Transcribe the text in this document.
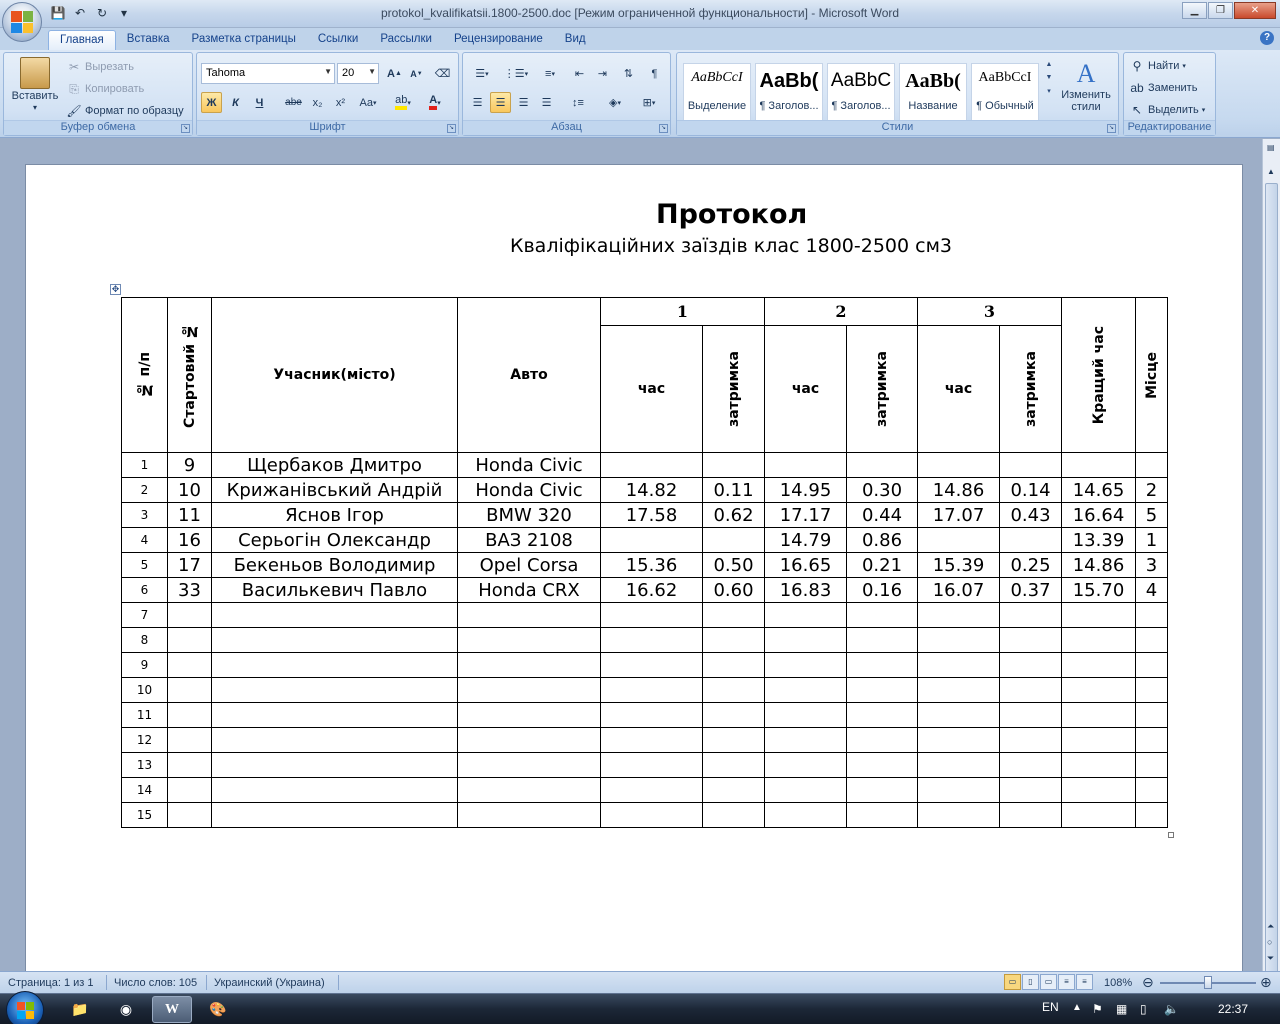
💾 ↶ ↻	▾	protokol_kvalifikatsii.1800-2500.doc [Режим ограниченной функциональности] - Microsoft Word	▁	❐	✕
Главная	Вставка	Разметка страницы	Ссылки	Рассылки	Рецензирование	Вид	?
Вставить
▾
✂ Вырезать
⎘ Копировать
🖌 Формат по образцу
Буфер обмена	↘
Tahoma	▼ 20 ▼ A ▲ A ▼ ⌫
Ж К Ч abe x₂ x² Aa ▾ ab ▾ A ▾
Шрифт	↘
☰ ▾ ⋮☰ ▾ ≡ ▾ ⇤ ⇥ ⇅ ¶
☰ ☰ ☰ ☰ ↕≡ ◈ ▾ ⊞ ▾
Абзац	↘
AaBbCcI
Выделение
AaBb(
¶ Заголов...
AaBbC
¶ Заголов...
AaBb(
Название
AaBbCcI
¶ Обычный
▲
▼
▾
A
Изменить стили
Стили	↘
⚲ Найти ▾
ab Заменить
↖ Выделить ▾
Редактирование
Протокол
Кваліфікаційних заїздів клас 1800-2500 см3
✥
№ п/п	Стартовий №	Учасник(місто)	Авто	1		2		3		Кращий час	Місце

				час	затримка	час	затримка	час	затримка		

1	9	Щербаков Дмитро	Honda Civic								
2	10	Крижанівський Андрій	Honda Civic	14.82	0.11	14.95	0.30	14.86	0.14	14.65	2
3	11	Яснов Ігор	BMW 320	17.58	0.62	17.17	0.44	17.07	0.43	16.64	5
4	16	Серьогін Олександр	ВАЗ 2108			14.79	0.86			13.39	1
5	17	Бекеньов Володимир	Opel Corsa	15.36	0.50	16.65	0.21	15.39	0.25	14.86	3
6	33	Василькевич Павло	Honda CRX	16.62	0.60	16.83	0.16	16.07	0.37	15.70	4
7											
8											
9											
10											
11											
12											
13											
14											
15											
▤
▲
⏶
○
⏷
Страница: 1 из 1 Число слов: 105 Украинский (Украина)	▭	▯	▭	≡	≡	108% ⊖	⊕
📁	◉	W	🎨	EN ▲ ⚑ ▦ ▯ 🔈	22:37
